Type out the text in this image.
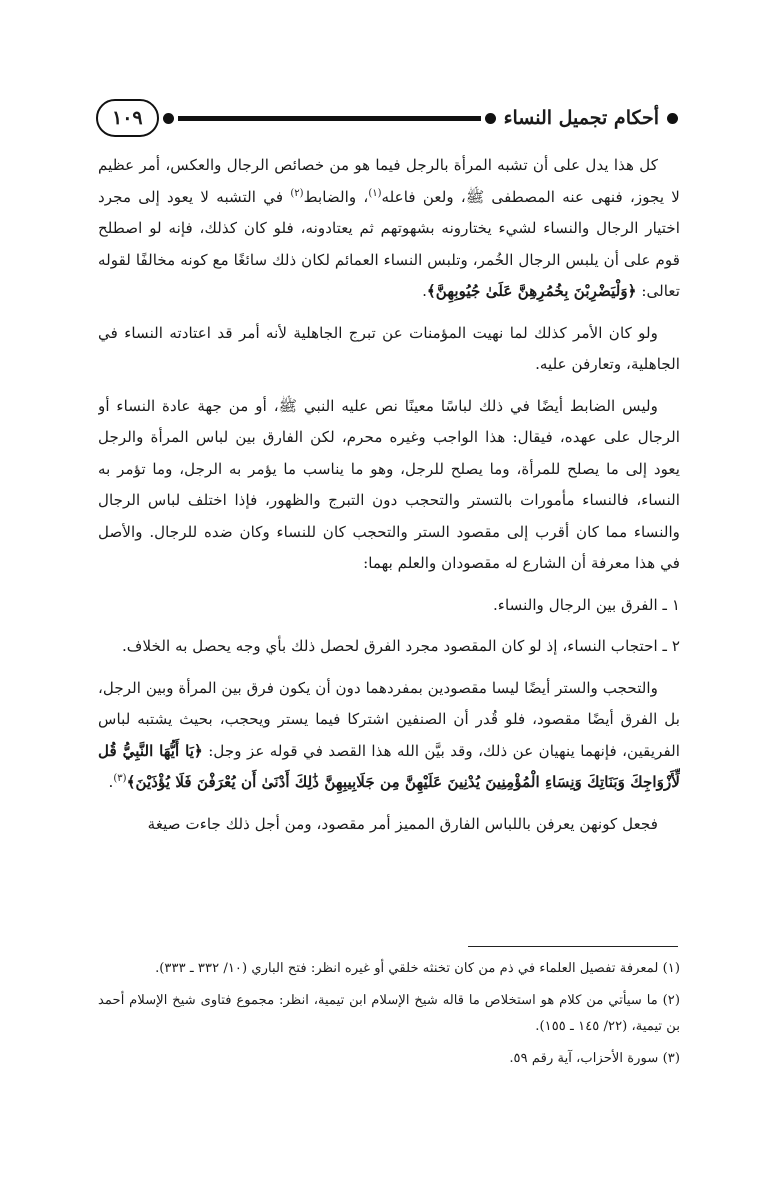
أحكام تجميل النساء
١٠٩

كل هذا يدل على أن تشبه المرأة بالرجل فيما هو من خصائص الرجال والعكس، أمر عظيم لا يجوز، فنهى عنه المصطفى ﷺ، ولعن فاعله$^{(١)}$، والضابط$^{(٢)}$ في التشبه لا يعود إلى مجرد اختيار الرجال والنساء لشيء يختارونه بشهوتهم ثم يعتادونه، فلو كان كذلك، فإنه لو اصطلح قوم على أن يلبس الرجال الخُمر، وتلبس النساء العمائم لكان ذلك سائغًا مع كونه مخالفًا لقوله تعالى: ﴿وَلْيَضْرِبْنَ بِخُمُرِهِنَّ عَلَىٰ جُيُوبِهِنَّ﴾.

ولو كان الأمر كذلك لما نهيت المؤمنات عن تبرج الجاهلية لأنه أمر قد اعتادته النساء في الجاهلية، وتعارفن عليه.

وليس الضابط أيضًا في ذلك لباسًا معينًا نص عليه النبي ﷺ، أو من جهة عادة النساء أو الرجال على عهده، فيقال: هذا الواجب وغيره محرم، لكن الفارق بين لباس المرأة والرجل يعود إلى ما يصلح للمرأة، وما يصلح للرجل، وهو ما يناسب ما يؤمر به الرجل، وما تؤمر به النساء، فالنساء مأمورات بالتستر والتحجب دون التبرج والظهور، فإذا اختلف لباس الرجال والنساء مما كان أقرب إلى مقصود الستر والتحجب كان للنساء وكان ضده للرجال. والأصل في هذا معرفة أن الشارع له مقصودان والعلم بهما:

١ ـ الفرق بين الرجال والنساء.

٢ ـ احتجاب النساء، إذ لو كان المقصود مجرد الفرق لحصل ذلك بأي وجه يحصل به الخلاف.

والتحجب والستر أيضًا ليسا مقصودين بمفردهما دون أن يكون فرق بين المرأة وبين الرجل، بل الفرق أيضًا مقصود، فلو قُدر أن الصنفين اشتركا فيما يستر ويحجب، بحيث يشتبه لباس الفريقين، فإنهما ينهيان عن ذلك، وقد بيَّن الله هذا القصد في قوله عز وجل: ﴿يَا أَيُّهَا النَّبِيُّ قُل لِّأَزْوَاجِكَ وَبَنَاتِكَ وَنِسَاءِ الْمُؤْمِنِينَ يُدْنِينَ عَلَيْهِنَّ مِن جَلَابِيبِهِنَّ ذَٰلِكَ أَدْنَىٰ أَن يُعْرَفْنَ فَلَا يُؤْذَيْنَ﴾$^{(٣)}$.

فجعل كونهن يعرفن باللباس الفارق المميز أمر مقصود، ومن أجل ذلك جاءت صيغة

(١) لمعرفة تفصيل العلماء في ذم من كان تخنثه خلقي أو غيره انظر: فتح الباري (١٠/ ٣٣٢ ـ ٣٣٣).

(٢) ما سيأتي من كلام هو استخلاص ما قاله شيخ الإسلام ابن تيمية، انظر: مجموع فتاوى شيخ الإسلام أحمد بن تيمية، (٢٢/ ١٤٥ ـ ١٥٥).

(٣) سورة الأحزاب، آية رقم ٥٩.
